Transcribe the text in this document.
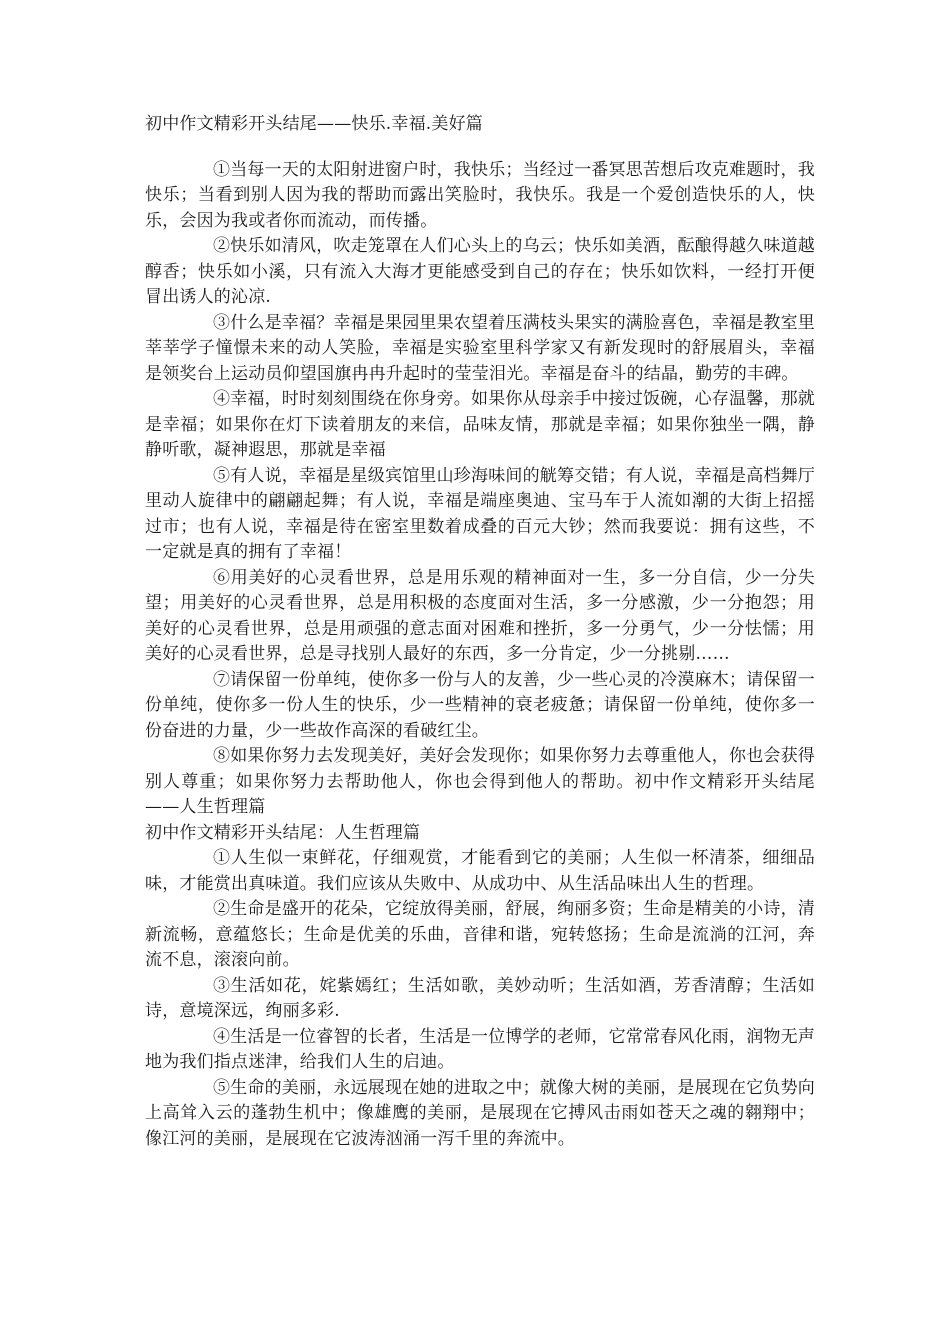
初中作文精彩开头结尾——快乐.幸福.美好篇

①当每一天的太阳射进窗户时，我快乐；当经过一番冥思苦想后攻克难题时，我快乐；当看到别人因为我的帮助而露出笑脸时，我快乐。我是一个爱创造快乐的人，快乐，会因为我或者你而流动，而传播。

②快乐如清风，吹走笼罩在人们心头上的乌云；快乐如美酒，酝酿得越久味道越醇香；快乐如小溪，只有流入大海才更能感受到自己的存在；快乐如饮料，一经打开便冒出诱人的沁凉.

③什么是幸福？幸福是果园里果农望着压满枝头果实的满脸喜色，幸福是教室里莘莘学子憧憬未来的动人笑脸，幸福是实验室里科学家又有新发现时的舒展眉头，幸福是领奖台上运动员仰望国旗冉冉升起时的莹莹泪光。幸福是奋斗的结晶，勤劳的丰碑。

④幸福，时时刻刻围绕在你身旁。如果你从母亲手中接过饭碗，心存温馨，那就是幸福；如果你在灯下读着朋友的来信，品味友情，那就是幸福；如果你独坐一隅，静静听歌，凝神遐思，那就是幸福

⑤有人说，幸福是星级宾馆里山珍海味间的觥筹交错；有人说，幸福是高档舞厅里动人旋律中的翩翩起舞；有人说，幸福是端座奥迪、宝马车于人流如潮的大街上招摇过市；也有人说，幸福是待在密室里数着成叠的百元大钞；然而我要说：拥有这些，不一定就是真的拥有了幸福！

⑥用美好的心灵看世界，总是用乐观的精神面对一生，多一分自信，少一分失望；用美好的心灵看世界，总是用积极的态度面对生活，多一分感激，少一分抱怨；用美好的心灵看世界，总是用顽强的意志面对困难和挫折，多一分勇气，少一分怯懦；用美好的心灵看世界，总是寻找别人最好的东西，多一分肯定，少一分挑剔……

⑦请保留一份单纯，使你多一份与人的友善，少一些心灵的冷漠麻木；请保留一份单纯，使你多一份人生的快乐，少一些精神的衰老疲惫；请保留一份单纯，使你多一份奋进的力量，少一些故作高深的看破红尘。

⑧如果你努力去发现美好，美好会发现你；如果你努力去尊重他人，你也会获得别人尊重；如果你努力去帮助他人，你也会得到他人的帮助。初中作文精彩开头结尾——人生哲理篇

初中作文精彩开头结尾：人生哲理篇

①人生似一束鲜花，仔细观赏，才能看到它的美丽；人生似一杯清茶，细细品味，才能赏出真味道。我们应该从失败中、从成功中、从生活品味出人生的哲理。

②生命是盛开的花朵，它绽放得美丽，舒展，绚丽多资；生命是精美的小诗，清新流畅，意蕴悠长；生命是优美的乐曲，音律和谐，宛转悠扬；生命是流淌的江河，奔流不息，滚滚向前。

③生活如花，姹紫嫣红；生活如歌，美妙动听；生活如酒，芳香清醇；生活如诗，意境深远，绚丽多彩.

④生活是一位睿智的长者，生活是一位博学的老师，它常常春风化雨，润物无声地为我们指点迷津，给我们人生的启迪。

⑤生命的美丽，永远展现在她的进取之中；就像大树的美丽，是展现在它负势向上高耸入云的蓬勃生机中；像雄鹰的美丽，是展现在它搏风击雨如苍天之魂的翱翔中；像江河的美丽，是展现在它波涛汹涌一泻千里的奔流中。
